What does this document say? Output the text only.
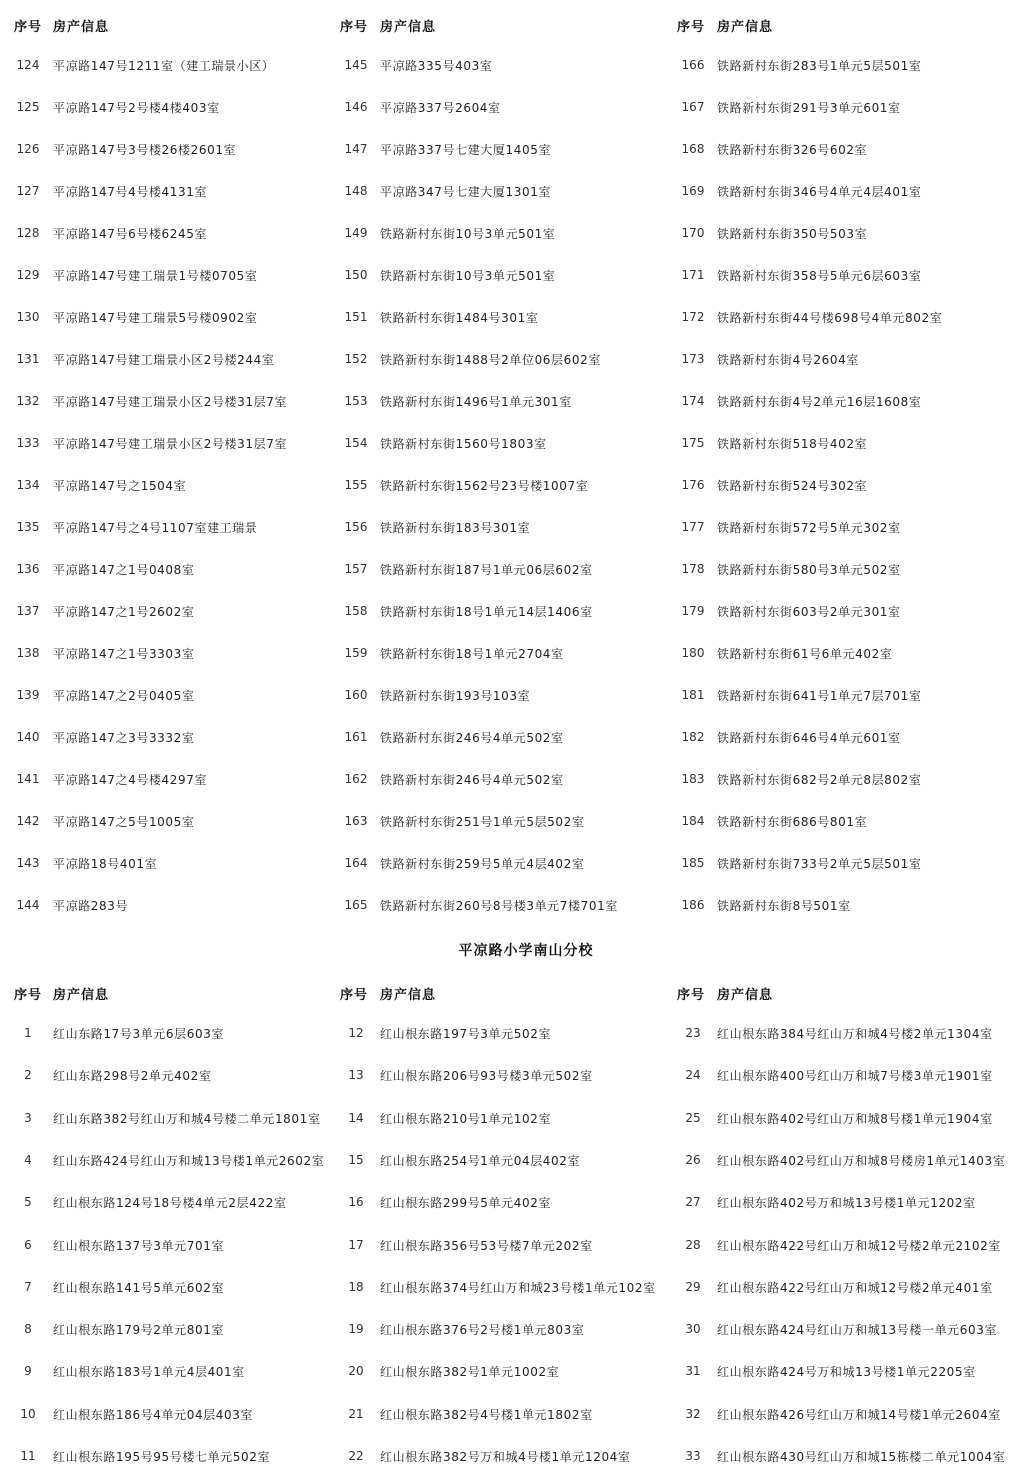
序号 房产信息
124 平凉路147号1211室（建工瑞景小区）
125 平凉路147号2号楼4楼403室
126 平凉路147号3号楼26楼2601室
127 平凉路147号4号楼4131室
128 平凉路147号6号楼6245室
129 平凉路147号建工瑞景1号楼0705室
130 平凉路147号建工瑞景5号楼0902室
131 平凉路147号建工瑞景小区2号楼244室
132 平凉路147号建工瑞景小区2号楼31层7室
133 平凉路147号建工瑞景小区2号楼31层7室
134 平凉路147号之1504室
135 平凉路147号之4号1107室建工瑞景
136 平凉路147之1号0408室
137 平凉路147之1号2602室
138 平凉路147之1号3303室
139 平凉路147之2号0405室
140 平凉路147之3号3332室
141 平凉路147之4号楼4297室
142 平凉路147之5号1005室
143 平凉路18号401室
144 平凉路283号
序号 房产信息
145 平凉路335号403室
146 平凉路337号2604室
147 平凉路337号七建大厦1405室
148 平凉路347号七建大厦1301室
149 铁路新村东街10号3单元501室
150 铁路新村东街10号3单元501室
151 铁路新村东街1484号301室
152 铁路新村东街1488号2单位06层602室
153 铁路新村东街1496号1单元301室
154 铁路新村东街1560号1803室
155 铁路新村东街1562号23号楼1007室
156 铁路新村东街183号301室
157 铁路新村东街187号1单元06层602室
158 铁路新村东街18号1单元14层1406室
159 铁路新村东街18号1单元2704室
160 铁路新村东街193号103室
161 铁路新村东街246号4单元502室
162 铁路新村东街246号4单元502室
163 铁路新村东街251号1单元5层502室
164 铁路新村东街259号5单元4层402室
165 铁路新村东街260号8号楼3单元7楼701室
序号 房产信息
166 铁路新村东街283号1单元5层501室
167 铁路新村东街291号3单元601室
168 铁路新村东街326号602室
169 铁路新村东街346号4单元4层401室
170 铁路新村东街350号503室
171 铁路新村东街358号5单元6层603室
172 铁路新村东街44号楼698号4单元802室
173 铁路新村东街4号2604室
174 铁路新村东街4号2单元16层1608室
175 铁路新村东街518号402室
176 铁路新村东街524号302室
177 铁路新村东街572号5单元302室
178 铁路新村东街580号3单元502室
179 铁路新村东街603号2单元301室
180 铁路新村东街61号6单元402室
181 铁路新村东街641号1单元7层701室
182 铁路新村东街646号4单元601室
183 铁路新村东街682号2单元8层802室
184 铁路新村东街686号801室
185 铁路新村东街733号2单元5层501室
186 铁路新村东街8号501室
平凉路小学南山分校
序号 房产信息
1	红山东路17号3单元6层603室
2	红山东路298号2单元402室
3	红山东路382号红山万和城4号楼二单元1801室
4	红山东路424号红山万和城13号楼1单元2602室
5	红山根东路124号18号楼4单元2层422室
6	红山根东路137号3单元701室
7	红山根东路141号5单元602室
8	红山根东路179号2单元801室
9	红山根东路183号1单元4层401室
10	红山根东路186号4单元04层403室
11	红山根东路195号95号楼七单元502室
序号 房产信息
12	红山根东路197号3单元502室
13	红山根东路206号93号楼3单元502室
14	红山根东路210号1单元102室
15	红山根东路254号1单元04层402室
16	红山根东路299号5单元402室
17	红山根东路356号53号楼7单元202室
18	红山根东路374号红山万和城23号楼1单元102室
19	红山根东路376号2号楼1单元803室
20	红山根东路382号1单元1002室
21	红山根东路382号4号楼1单元1802室
22	红山根东路382号万和城4号楼1单元1204室
序号 房产信息
23	红山根东路384号红山万和城4号楼2单元1304室
24	红山根东路400号红山万和城7号楼3单元1901室
25	红山根东路402号红山万和城8号楼1单元1904室
26	红山根东路402号红山万和城8号楼房1单元1403室
27	红山根东路402号万和城13号楼1单元1202室
28	红山根东路422号红山万和城12号楼2单元2102室
29	红山根东路422号红山万和城12号楼2单元401室
30	红山根东路424号红山万和城13号楼一单元603室
31	红山根东路424号万和城13号楼1单元2205室
32	红山根东路426号红山万和城14号楼1单元2604室
33	红山根东路430号红山万和城15栋楼二单元1004室
